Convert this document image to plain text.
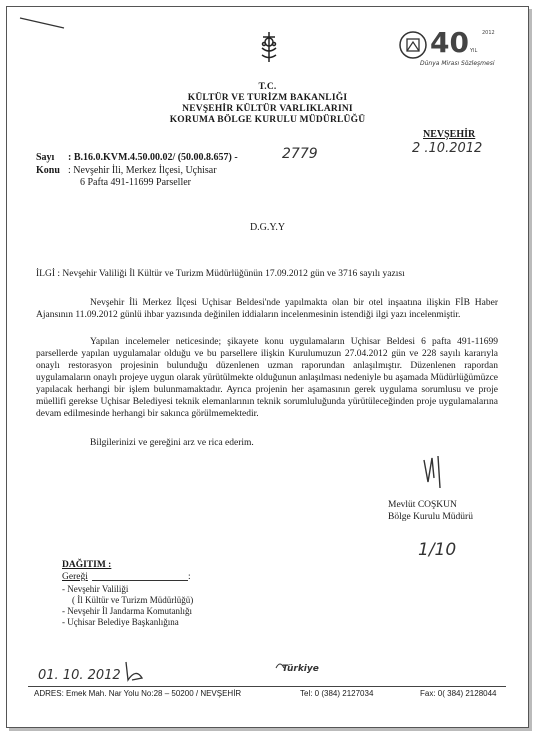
40	2012
YIL
Dünya Mirası Sözleşmesi
T.C.
KÜLTÜR VE TURİZM BAKANLIĞI
NEVŞEHİR KÜLTÜR VARLIKLARINI
KORUMA BÖLGE KURULU MÜDÜRLÜĞÜ
NEVŞEHİR
2 .10.2012
Sayı : B.16.0.KVM.4.50.00.02/ (50.00.8.657) -	2779
Konu : Nevşehir İli, Merkez İlçesi, Uçhisar
6 Pafta 491-11699 Parseller
D.G.Y.Y
İLGİ : Nevşehir Valiliği İl Kültür ve Turizm Müdürlüğünün 17.09.2012 gün ve 3716 sayılı yazısı
Nevşehir İli Merkez İlçesi Uçhisar Beldesi'nde yapılmakta olan bir otel inşaatına ilişkin FİB Haber Ajansının 11.09.2012 günlü ihbar yazısında değinilen iddiaların incelenmesinin istendiği ilgi yazı incelenmiştir.
Yapılan incelemeler neticesinde; şikayete konu uygulamaların Uçhisar Beldesi 6 pafta 491-11699 parsellerde yapılan uygulamalar olduğu ve bu parsellere ilişkin Kurulumuzun 27.04.2012 gün ve 228 sayılı kararıyla onaylı restorasyon projesinin bulunduğu düzenlenen uzman raporundan anlaşılmıştır. Düzenlenen rapordan uygulamaların onaylı projeye uygun olarak yürütülmekte olduğunun anlaşılması nedeniyle bu aşamada Müdürlüğümüzce yapılacak herhangi bir işlem bulunmamaktadır. Ayrıca projenin her aşamasının gerek uygulama sorumlusu ve proje müellifi gerekse Uçhisar Belediyesi teknik elemanlarının teknik sorumluluğunda yürütüleceğinden proje uygulamalarına devam edilmesinde herhangi bir sakınca görülmemektedir.
Bilgilerinizi ve gereğini arz ve rica ederim.
Mevlüt COŞKUN
Bölge Kurulu Müdürü
1/10
DAĞITIM :
Gereği	:
- Nevşehir Valiliği
( İl Kültür ve Turizm Müdürlüğü)
- Nevşehir İl Jandarma Komutanlığı
- Uçhisar Belediye Başkanlığına
01. 10. 2012	Türkiye
ADRES: Emek Mah. Nar Yolu No:28 – 50200 / NEVŞEHİR	Tel: 0 (384) 2127034	Fax: 0( 384) 2128044
